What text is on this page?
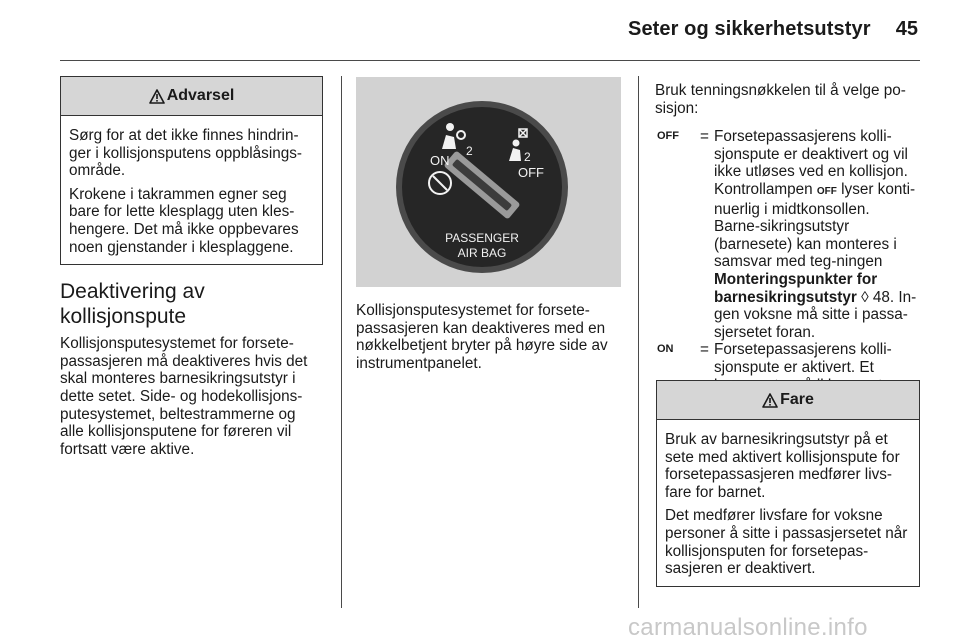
Seter og sikkerhetsutstyr 45
Advarsel

Sørg for at det ikke finnes hindrin-ger i kollisjonsputens oppblåsings-område.

Krokene i takrammen egner seg bare for lette klesplagg uten kles-hengere. Det må ikke oppbevares noen gjenstander i klesplaggene.

Deaktivering av kollisjonspute

Kollisjonsputesystemet for forsete-passasjeren må deaktiveres hvis det skal monteres barnesikringsutstyr i dette setet. Side- og hodekollisjons-putesystemet, beltestrammerne og alle kollisjonsputene for føreren vil fortsatt være aktive.

2
ON	2
OFF
PASSENGER
AIR BAG

Kollisjonsputesystemet for forsete-passasjeren kan deaktiveres med en nøkkelbetjent bryter på høyre side av instrumentpanelet.

Bruk tenningsnøkkelen til å velge po-sisjon:

OFF	= Forsetepassasjerens kolli-sjonspute er deaktivert og vil ikke utløses ved en kollisjon. Kontrollampen OFF lyser konti-nuerlig i midtkonsollen. Barne-sikringsutstyr (barnesete) kan monteres i samsvar med teg-ningen Monteringspunkter for barnesikringsutstyr ◊ 48. In-gen voksne må sitte i passa-sjersetet foran.
ON	= Forsetepassasjerens kolli-sjonspute er aktivert. Et
Fare

Bruk av barnesikringsutstyr på et sete med aktivert kollisjonspute for forsetepassasjeren medfører livs-fare for barnet.

Det medfører livsfare for voksne personer å sitte i passasjersetet når kollisjonsputen for forsetepas-sasjeren er deaktivert.

carmanualsonline.info
